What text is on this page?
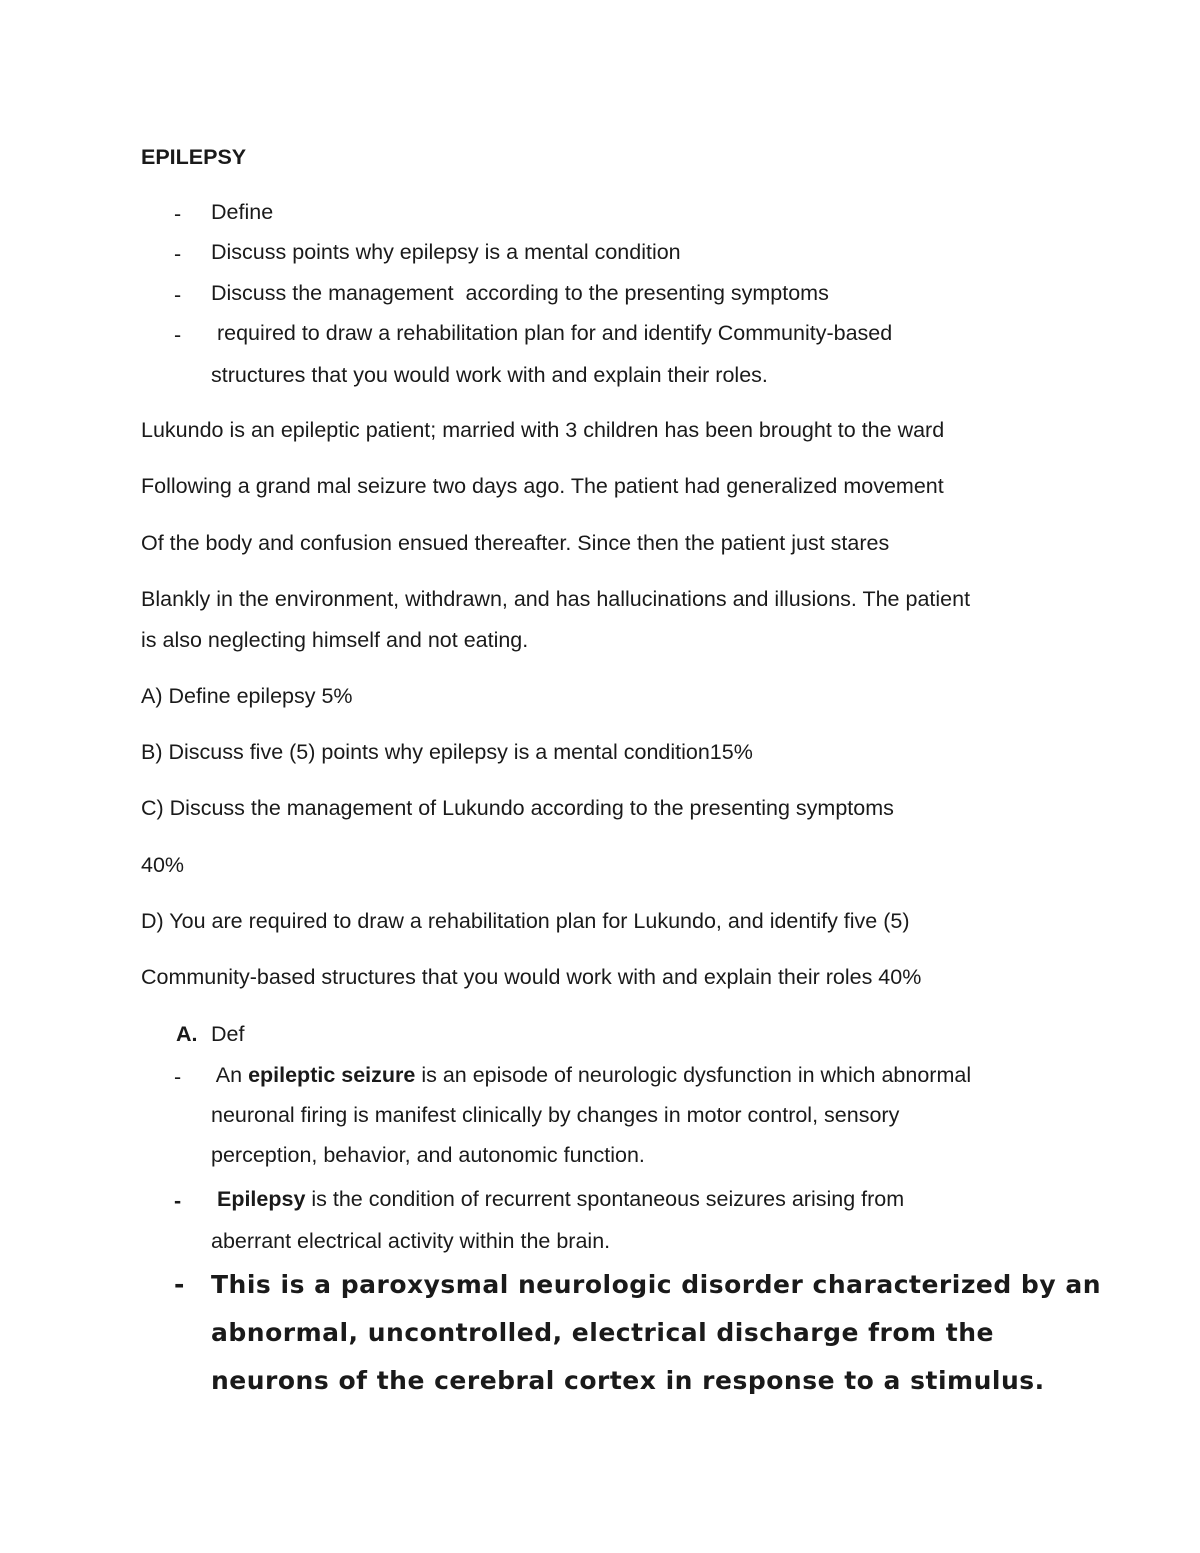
EPILEPSY
- Define
- Discuss points why epilepsy is a mental condition
- Discuss the management  according to the presenting symptoms
- required to draw a rehabilitation plan for and identify Community-based
structures that you would work with and explain their roles.
Lukundo is an epileptic patient; married with 3 children has been brought to the ward
Following a grand mal seizure two days ago. The patient had generalized movement
Of the body and confusion ensued thereafter. Since then the patient just stares
Blankly in the environment, withdrawn, and has hallucinations and illusions. The patient
is also neglecting himself and not eating.
A) Define epilepsy 5%
B) Discuss five (5) points why epilepsy is a mental condition15%
C) Discuss the management of Lukundo according to the presenting symptoms
40%
D) You are required to draw a rehabilitation plan for Lukundo, and identify five (5)
Community-based structures that you would work with and explain their roles 40%
A. Def
- An epileptic seizure is an episode of neurologic dysfunction in which abnormal
neuronal firing is manifest clinically by changes in motor control, sensory
perception, behavior, and autonomic function.
- Epilepsy is the condition of recurrent spontaneous seizures arising from
aberrant electrical activity within the brain.
- This is a paroxysmal neurologic disorder characterized by an
abnormal, uncontrolled, electrical discharge from the
neurons of the cerebral cortex in response to a stimulus.
